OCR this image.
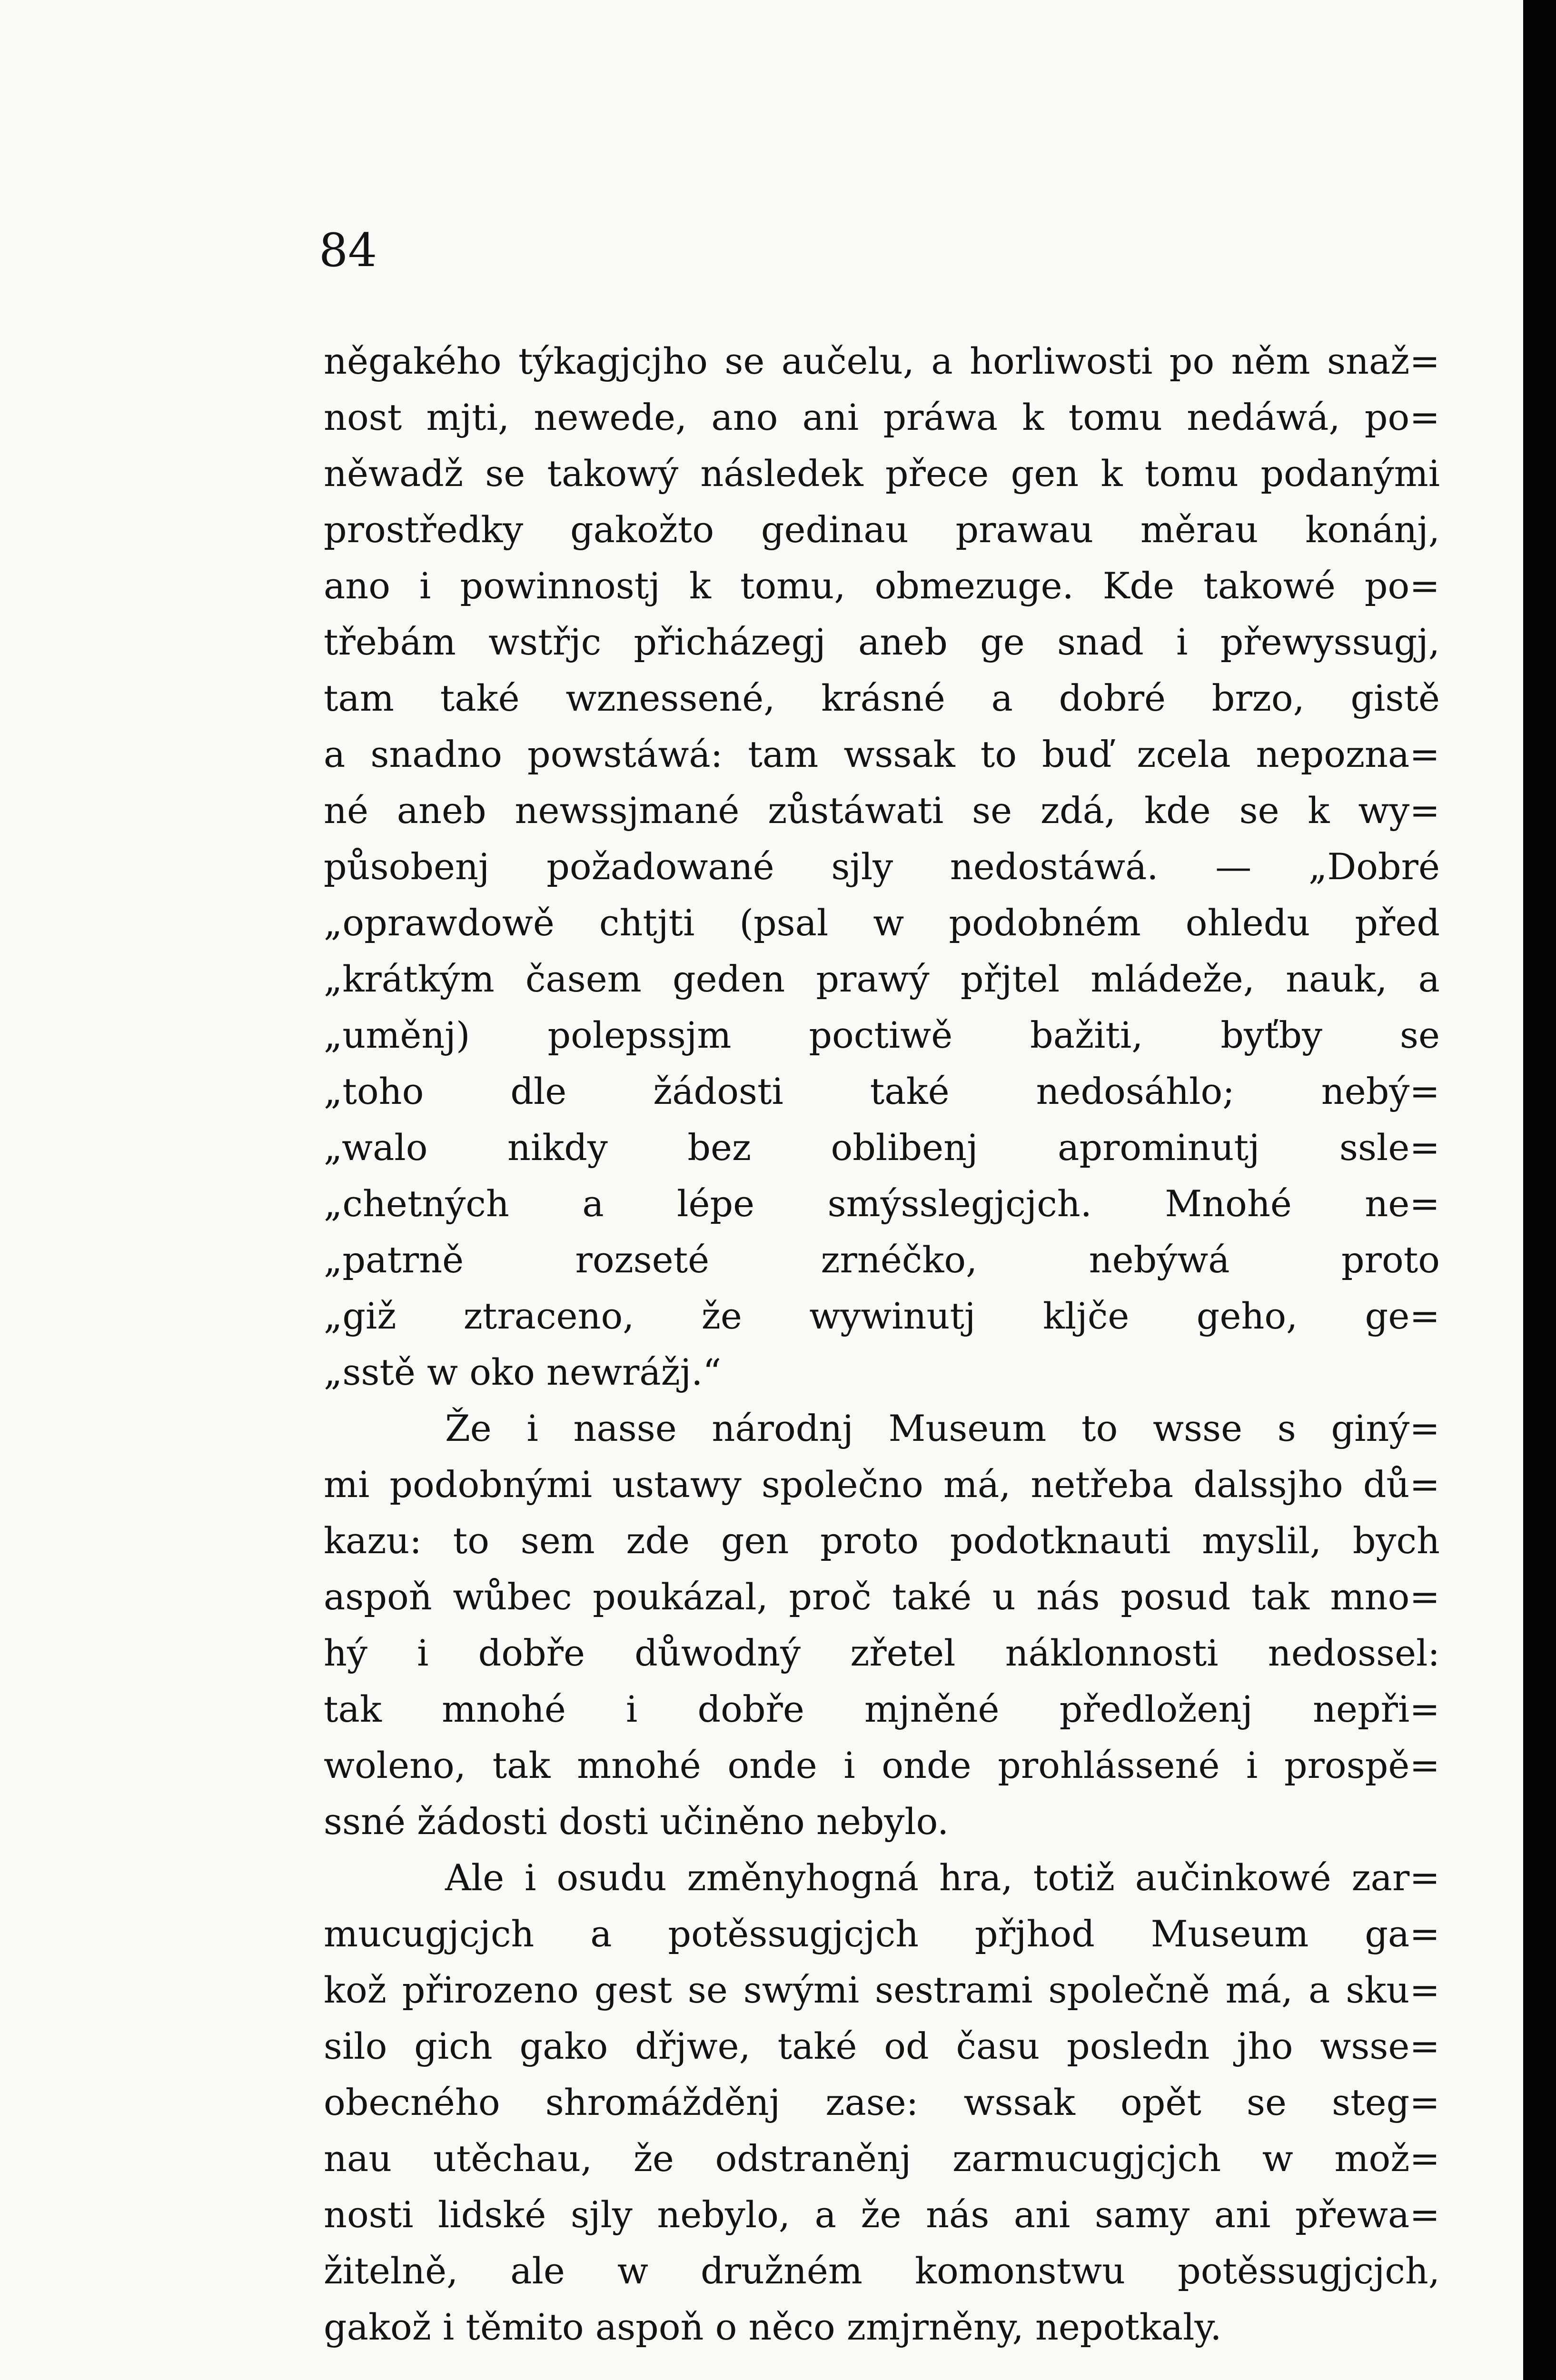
84
něgakého týkagjcjho se aučelu, a horliwosti po něm snaž=
nost mjti, newede, ano ani práwa k tomu nedáwá, po=
něwadž se takowý následek přece gen k tomu podanými
prostředky gakožto gedinau prawau měrau konánj,
ano i powinnostj k tomu, obmezuge. Kde takowé po=
třebám wstřjc přicházegj aneb ge snad i přewyssugj,
tam také wznessené, krásné a dobré brzo, gistě
a snadno powstáwá: tam wssak to buď zcela nepozna=
né aneb newssjmané zůstáwati se zdá, kde se k wy=
působenj požadowané sjly nedostáwá. — „Dobré
„oprawdowě chtjti (psal w podobném ohledu před
„krátkým časem geden prawý přjtel mládeže, nauk, a
„uměnj) polepssjm poctiwě bažiti, byťby se
„toho dle žádosti také nedosáhlo; nebý=
„walo nikdy bez oblibenj aprominutj ssle=
„chetných a lépe smýsslegjcjch. Mnohé ne=
„patrně rozseté zrnéčko, nebýwá proto
„giž ztraceno, že wywinutj kljče geho, ge=
„sstě w oko newrážj.“
Že i nasse národnj Museum to wsse s giný=
mi podobnými ustawy společno má, netřeba dalssjho dů=
kazu: to sem zde gen proto podotknauti myslil, bych
aspoň wůbec poukázal, proč také u nás posud tak mno=
hý i dobře důwodný zřetel náklonnosti nedossel:
tak mnohé i dobře mjněné předloženj nepři=
woleno, tak mnohé onde i onde prohlássené i prospě=
ssné žádosti dosti učiněno nebylo.
Ale i osudu změnyhogná hra, totiž aučinkowé zar=
mucugjcjch a potěssugjcjch přjhod Museum ga=
kož přirozeno gest se swými sestrami společně má, a sku=
silo gich gako dřjwe, také od času posledn jho wsse=
obecného shromážděnj zase: wssak opět se steg=
nau utěchau, že odstraněnj zarmucugjcjch w mož=
nosti lidské sjly nebylo, a že nás ani samy ani přewa=
žitelně, ale w družném komonstwu potěssugjcjch,
gakož i těmito aspoň o něco zmjrněny, nepotkaly.
